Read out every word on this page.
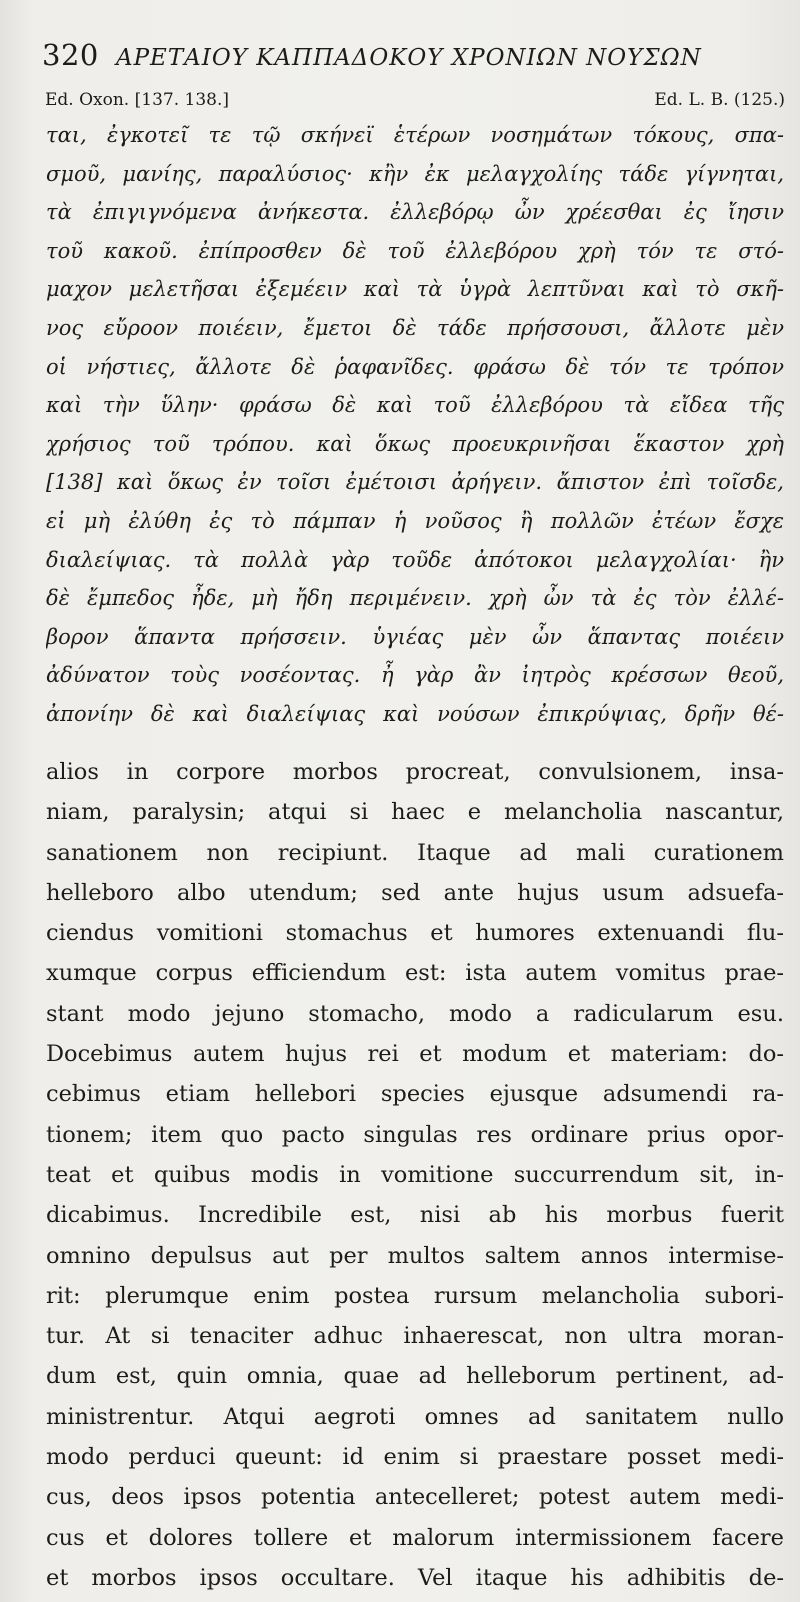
320 ΑΡΕΤΑΙΟΥ ΚΑΠΠΑΔΟΚΟΥ ΧΡΟΝΙΩΝ ΝΟΥΣΩΝ
Ed. Oxon. [137. 138.]	Ed. L. B. (125.)
ται, ἐγκοτεῖ τε τῷ σκήνεϊ ἑτέρων νοσημάτων τόκους, σπα-
σμοῦ, μανίης, παραλύσιος· κἢν ἐκ μελαγχολίης τάδε γίγνηται,
τὰ ἐπιγιγνόμενα ἀνήκεστα. ἐλλεβόρῳ ὦν χρέεσθαι ἐς ἴησιν
τοῦ κακοῦ. ἐπίπροσθεν δὲ τοῦ ἐλλεβόρου χρὴ τόν τε στό-
μαχον μελετῆσαι ἐξεμέειν καὶ τὰ ὑγρὰ λεπτῦναι καὶ τὸ σκῆ-
νος εὔροον ποιέειν, ἔμετοι δὲ τάδε πρήσσουσι, ἄλλοτε μὲν
οἱ νήστιες, ἄλλοτε δὲ ῥαφανῖδες. φράσω δὲ τόν τε τρόπον
καὶ τὴν ὕλην· φράσω δὲ καὶ τοῦ ἐλλεβόρου τὰ εἴδεα τῆς
χρήσιος τοῦ τρόπου. καὶ ὅκως προευκρινῆσαι ἕκαστον χρὴ
[138] καὶ ὅκως ἐν τοῖσι ἐμέτοισι ἀρήγειν. ἄπιστον ἐπὶ τοῖσδε,
εἰ μὴ ἐλύθη ἐς τὸ πάμπαν ἡ νοῦσος ἢ πολλῶν ἐτέων ἔσχε
διαλείψιας. τὰ πολλὰ γὰρ τοῦδε ἀπότοκοι μελαγχολίαι· ἢν
δὲ ἔμπεδος ἦδε, μὴ ἤδη περιμένειν. χρὴ ὦν τὰ ἐς τὸν ἐλλέ-
βορον ἅπαντα πρήσσειν. ὑγιέας μὲν ὦν ἅπαντας ποιέειν
ἀδύνατον τοὺς νοσέοντας. ἦ γὰρ ἂν ἰητρὸς κρέσσων θεοῦ,
ἀπονίην δὲ καὶ διαλείψιας καὶ νούσων ἐπικρύψιας, δρῆν θέ-
alios in corpore morbos procreat, convulsionem, insa-
niam, paralysin; atqui si haec e melancholia nascantur,
sanationem non recipiunt. Itaque ad mali curationem
helleboro albo utendum; sed ante hujus usum adsuefa-
ciendus vomitioni stomachus et humores extenuandi flu-
xumque corpus efficiendum est: ista autem vomitus prae-
stant modo jejuno stomacho, modo a radicularum esu.
Docebimus autem hujus rei et modum et materiam: do-
cebimus etiam hellebori species ejusque adsumendi ra-
tionem; item quo pacto singulas res ordinare prius opor-
teat et quibus modis in vomitione succurrendum sit, in-
dicabimus. Incredibile est, nisi ab his morbus fuerit
omnino depulsus aut per multos saltem annos intermise-
rit: plerumque enim postea rursum melancholia subori-
tur. At si tenaciter adhuc inhaerescat, non ultra moran-
dum est, quin omnia, quae ad helleborum pertinent, ad-
ministrentur. Atqui aegroti omnes ad sanitatem nullo
modo perduci queunt: id enim si praestare posset medi-
cus, deos ipsos potentia antecelleret; potest autem medi-
cus et dolores tollere et malorum intermissionem facere
et morbos ipsos occultare. Vel itaque his adhibitis de-
